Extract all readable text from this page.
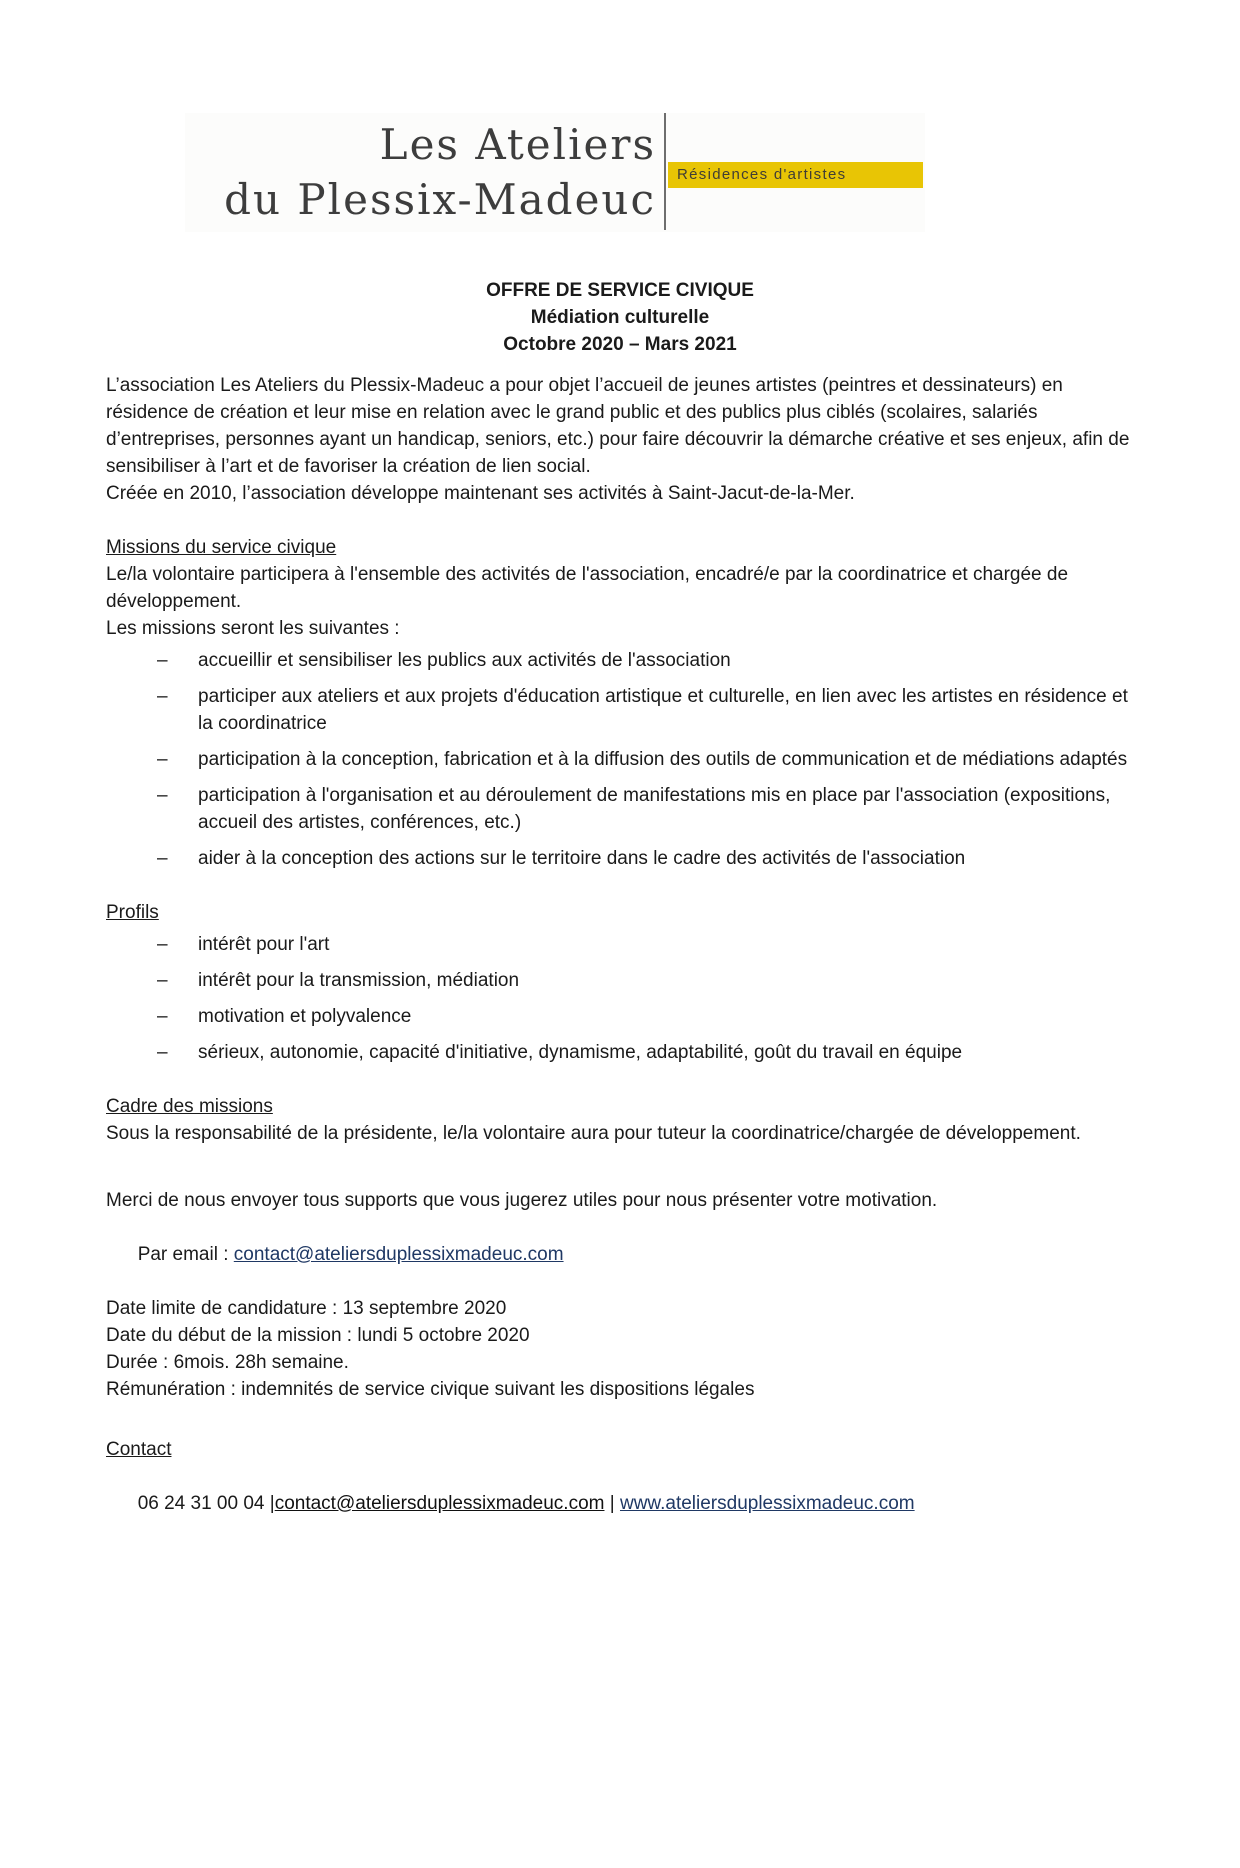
Les Ateliers
du Plessix-Madeuc
Résidences d'artistes
OFFRE DE SERVICE CIVIQUE
Médiation culturelle
Octobre 2020 – Mars 2021

L’association Les Ateliers du Plessix-Madeuc a pour objet l’accueil de jeunes artistes (peintres et dessinateurs) en résidence de création et leur mise en relation avec le grand public et des publics plus ciblés (scolaires, salariés d’entreprises, personnes ayant un handicap, seniors, etc.) pour faire découvrir la démarche créative et ses enjeux, afin de sensibiliser à l’art et de favoriser la création de lien social.

Créée en 2010, l’association développe maintenant ses activités à Saint-Jacut-de-la-Mer.

Missions du service civique

Le/la volontaire participera à l'ensemble des activités de l'association, encadré/e par la coordinatrice et chargée de développement.

Les missions seront les suivantes :

–	accueillir et sensibiliser les publics aux activités de l'association
–	participer aux ateliers et aux projets d'éducation artistique et culturelle, en lien avec les artistes en résidence et la coordinatrice
–	participation à la conception, fabrication et à la diffusion des outils de communication et de médiations adaptés
–	participation à l'organisation et au déroulement de manifestations mis en place par l'association (expositions, accueil des artistes, conférences, etc.)
–	aider à la conception des actions sur le territoire dans le cadre des activités de l'association
Profils
–	intérêt pour l'art
–	intérêt pour la transmission, médiation
–	motivation et polyvalence
–	sérieux, autonomie, capacité d'initiative, dynamisme, adaptabilité, goût du travail en équipe
Cadre des missions

Sous la responsabilité de la présidente, le/la volontaire aura pour tuteur la coordinatrice/chargée de développement.

Merci de nous envoyer tous supports que vous jugerez utiles pour nous présenter votre motivation.

Par email : contact@ateliersduplessixmadeuc.com

Date limite de candidature : 13 septembre 2020
Date du début de la mission : lundi 5 octobre 2020
Durée : 6mois. 28h semaine.
Rémunération : indemnités de service civique suivant les dispositions légales
Contact

06 24 31 00 04 |contact@ateliersduplessixmadeuc.com | www.ateliersduplessixmadeuc.com
